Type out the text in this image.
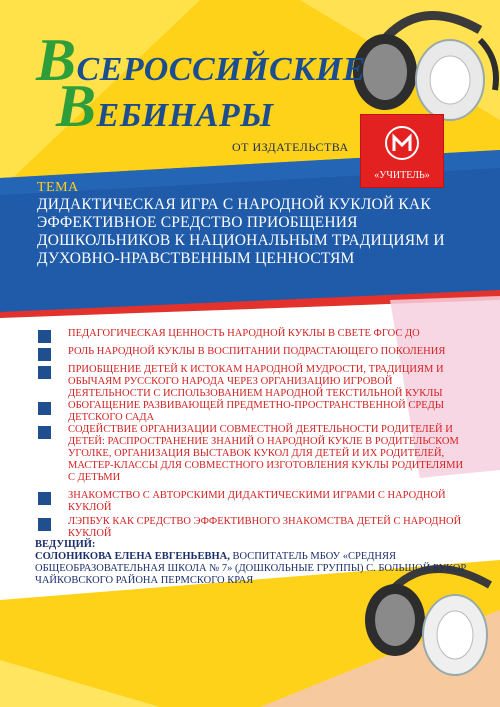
ВСЕРОССИЙСКИЕ
ВЕБИНАРЫ
ОТ ИЗДАТЕЛЬСТВА
«УЧИТЕЛЬ»
ТЕМА
ДИДАКТИЧЕСКАЯ ИГРА С НАРОДНОЙ КУКЛОЙ КАК ЭФФЕКТИВНОЕ СРЕДСТВО ПРИОБЩЕНИЯ ДОШКОЛЬНИКОВ К НАЦИОНАЛЬНЫМ ТРАДИЦИЯМ И ДУХОВНО-НРАВСТВЕННЫМ ЦЕННОСТЯМ
ПЕДАГОГИЧЕСКАЯ ЦЕННОСТЬ НАРОДНОЙ КУКЛЫ В СВЕТЕ ФГОС ДО
РОЛЬ НАРОДНОЙ КУКЛЫ В ВОСПИТАНИИ ПОДРАСТАЮЩЕГО ПОКОЛЕНИЯ
ПРИОБЩЕНИЕ ДЕТЕЙ К ИСТОКАМ НАРОДНОЙ МУДРОСТИ, ТРАДИЦИЯМ И ОБЫЧАЯМ РУССКОГО НАРОДА ЧЕРЕЗ ОРГАНИЗАЦИЮ ИГРОВОЙ ДЕЯТЕЛЬНОСТИ С ИСПОЛЬЗОВАНИЕМ НАРОДНОЙ ТЕКСТИЛЬНОЙ КУКЛЫ
ОБОГАЩЕНИЕ РАЗВИВАЮЩЕЙ ПРЕДМЕТНО-ПРОСТРАНСТВЕННОЙ СРЕДЫ ДЕТСКОГО САДА
СОДЕЙСТВИЕ ОРГАНИЗАЦИИ СОВМЕСТНОЙ ДЕЯТЕЛЬНОСТИ РОДИТЕЛЕЙ И ДЕТЕЙ: РАСПРОСТРАНЕНИЕ ЗНАНИЙ О НАРОДНОЙ КУКЛЕ В РОДИТЕЛЬСКОМ УГОЛКЕ, ОРГАНИЗАЦИЯ ВЫСТАВОК КУКОЛ ДЛЯ ДЕТЕЙ И ИХ РОДИТЕЛЕЙ, МАСТЕР-КЛАССЫ ДЛЯ СОВМЕСТНОГО ИЗГОТОВЛЕНИЯ КУКЛЫ РОДИТЕЛЯМИ С ДЕТЬМИ
ЗНАКОМСТВО С АВТОРСКИМИ ДИДАКТИЧЕСКИМИ ИГРАМИ С НАРОДНОЙ КУКЛОЙ
ЛЭПБУК КАК СРЕДСТВО ЭФФЕКТИВНОГО ЗНАКОМСТВА ДЕТЕЙ С НАРОДНОЙ КУКЛОЙ
ВЕДУЩИЙ:
СОЛОНИКОВА ЕЛЕНА ЕВГЕНЬЕВНА, ВОСПИТАТЕЛЬ МБОУ «СРЕДНЯЯ ОБЩЕОБРАЗОВАТЕЛЬНАЯ ШКОЛА № 7» (ДОШКОЛЬНЫЕ ГРУППЫ) С. БОЛЬШОЙ БУКОР ЧАЙКОВСКОГО РАЙОНА ПЕРМСКОГО КРАЯ
